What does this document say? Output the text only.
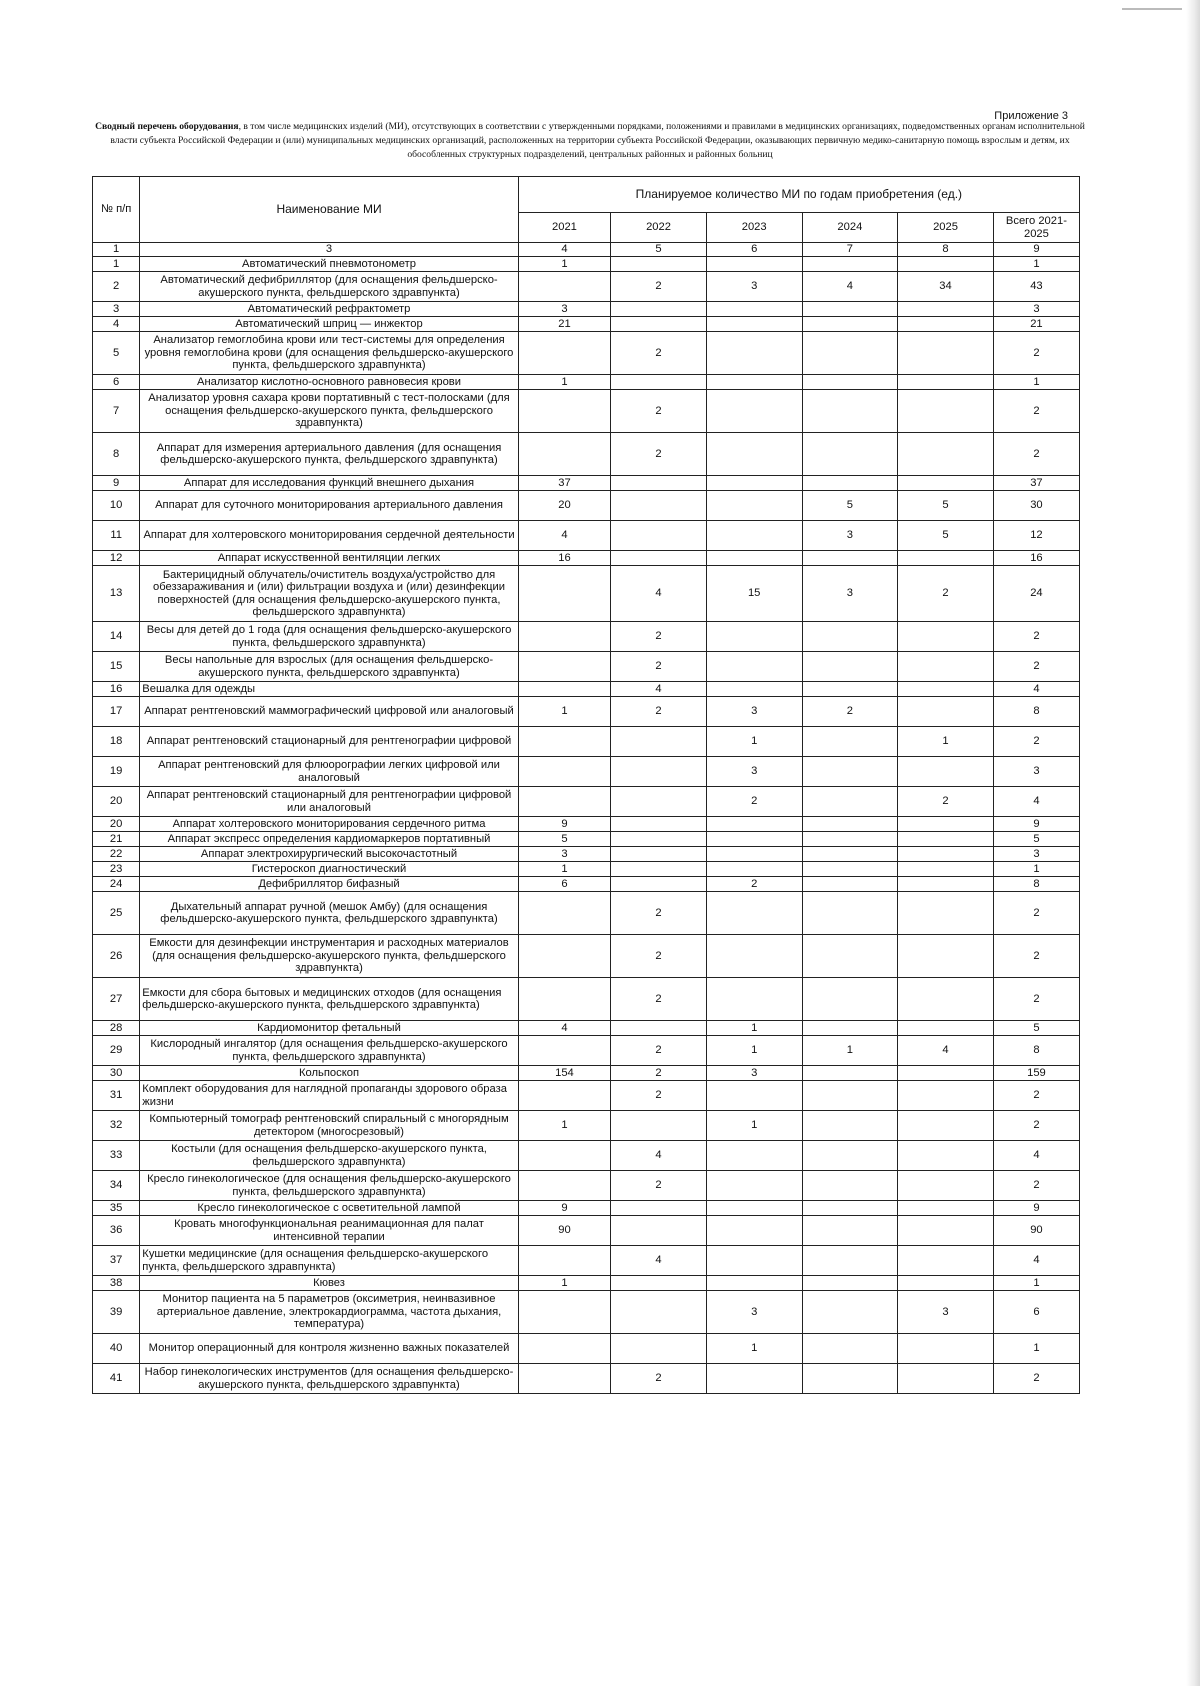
Приложение 3
Сводный перечень оборудования, в том числе медицинских изделий (МИ), отсутствующих в соответствии с утвержденными порядками, положениями и правилами в медицинских организациях, подведомственных органам исполнительной власти субъекта Российской Федерации и (или) муниципальных медицинских организаций, расположенных на территории субъекта Российской Федерации, оказывающих первичную медико-санитарную помощь взрослым и детям, их обособленных структурных подразделений, центральных районных и районных больниц
№ п/п	Наименование МИ	Планируемое количество МИ по годам приобретения (ед.)					
		2021	2022	2023	2024	2025	Всего 2021-2025
1	3	4	5	6	7	8	9
1	Автоматический пневмотонометр	1					1
2	Автоматический дефибриллятор (для оснащения фельдшерско-акушерского пункта, фельдшерского здравпункта)		2	3	4	34	43
3	Автоматический рефрактометр	3					3
4	Автоматический шприц — инжектор	21					21
5	Анализатор гемоглобина крови или тест-системы для определения уровня гемоглобина крови (для оснащения фельдшерско-акушерского пункта, фельдшерского здравпункта)		2				2
6	Анализатор кислотно-основного равновесия крови	1					1
7	Анализатор уровня сахара крови портативный с тест-полосками (для оснащения фельдшерско-акушерского пункта, фельдшерского здравпункта)		2				2
8	Аппарат для измерения артериального давления (для оснащения фельдшерско-акушерского пункта, фельдшерского здравпункта)		2				2
9	Аппарат для исследования функций внешнего дыхания	37					37
10	Аппарат для суточного мониторирования артериального давления	20			5	5	30
11	Аппарат для холтеровского мониторирования сердечной деятельности	4			3	5	12
12	Аппарат искусственной вентиляции легких	16					16
13	Бактерицидный облучатель/очиститель воздуха/устройство для обеззараживания и (или) фильтрации воздуха и (или) дезинфекции поверхностей (для оснащения фельдшерско-акушерского пункта, фельдшерского здравпункта)		4	15	3	2	24
14	Весы для детей до 1 года (для оснащения фельдшерско-акушерского пункта, фельдшерского здравпункта)		2				2
15	Весы напольные для взрослых (для оснащения фельдшерско-акушерского пункта, фельдшерского здравпункта)		2				2
16	Вешалка для одежды		4				4
17	Аппарат рентгеновский маммографический цифровой или аналоговый	1	2	3	2		8
18	Аппарат рентгеновский стационарный для рентгенографии цифровой			1		1	2
19	Аппарат рентгеновский для флюорографии легких цифровой или аналоговый			3			3
20	Аппарат рентгеновский стационарный для рентгенографии цифровой или аналоговый			2		2	4
20	Аппарат холтеровского мониторирования сердечного ритма	9					9
21	Аппарат экспресс определения кардиомаркеров портативный	5					5
22	Аппарат электрохирургический высокочастотный	3					3
23	Гистероскоп диагностический	1					1
24	Дефибриллятор бифазный	6		2			8
25	Дыхательный аппарат ручной (мешок Амбу) (для оснащения фельдшерско-акушерского пункта, фельдшерского здравпункта)		2				2
26	Емкости для дезинфекции инструментария и расходных материалов (для оснащения фельдшерско-акушерского пункта, фельдшерского здравпункта)		2				2
27	Емкости для сбора бытовых и медицинских отходов (для оснащения фельдшерско-акушерского пункта, фельдшерского здравпункта)		2				2
28	Кардиомонитор фетальный	4		1			5
29	Кислородный ингалятор (для оснащения фельдшерско-акушерского пункта, фельдшерского здравпункта)		2	1	1	4	8
30	Кольпоскоп	154	2	3			159
31	Комплект оборудования для наглядной пропаганды здорового образа жизни		2				2
32	Компьютерный томограф рентгеновский спиральный с многорядным детектором (многосрезовый)	1		1			2
33	Костыли (для оснащения фельдшерско-акушерского пункта, фельдшерского здравпункта)		4				4
34	Кресло гинекологическое (для оснащения фельдшерско-акушерского пункта, фельдшерского здравпункта)		2				2
35	Кресло гинекологическое с осветительной лампой	9					9
36	Кровать многофункциональная реанимационная для палат интенсивной терапии	90					90
37	Кушетки медицинские (для оснащения фельдшерско-акушерского пункта, фельдшерского здравпункта)		4				4
38	Кювез	1					1
39	Монитор пациента на 5 параметров (оксиметрия, неинвазивное артериальное давление, электрокардиограмма, частота дыхания, температура)			3		3	6
40	Монитор операционный для контроля жизненно важных показателей			1			1
41	Набор гинекологических инструментов (для оснащения фельдшерско-акушерского пункта, фельдшерского здравпункта)		2				2
